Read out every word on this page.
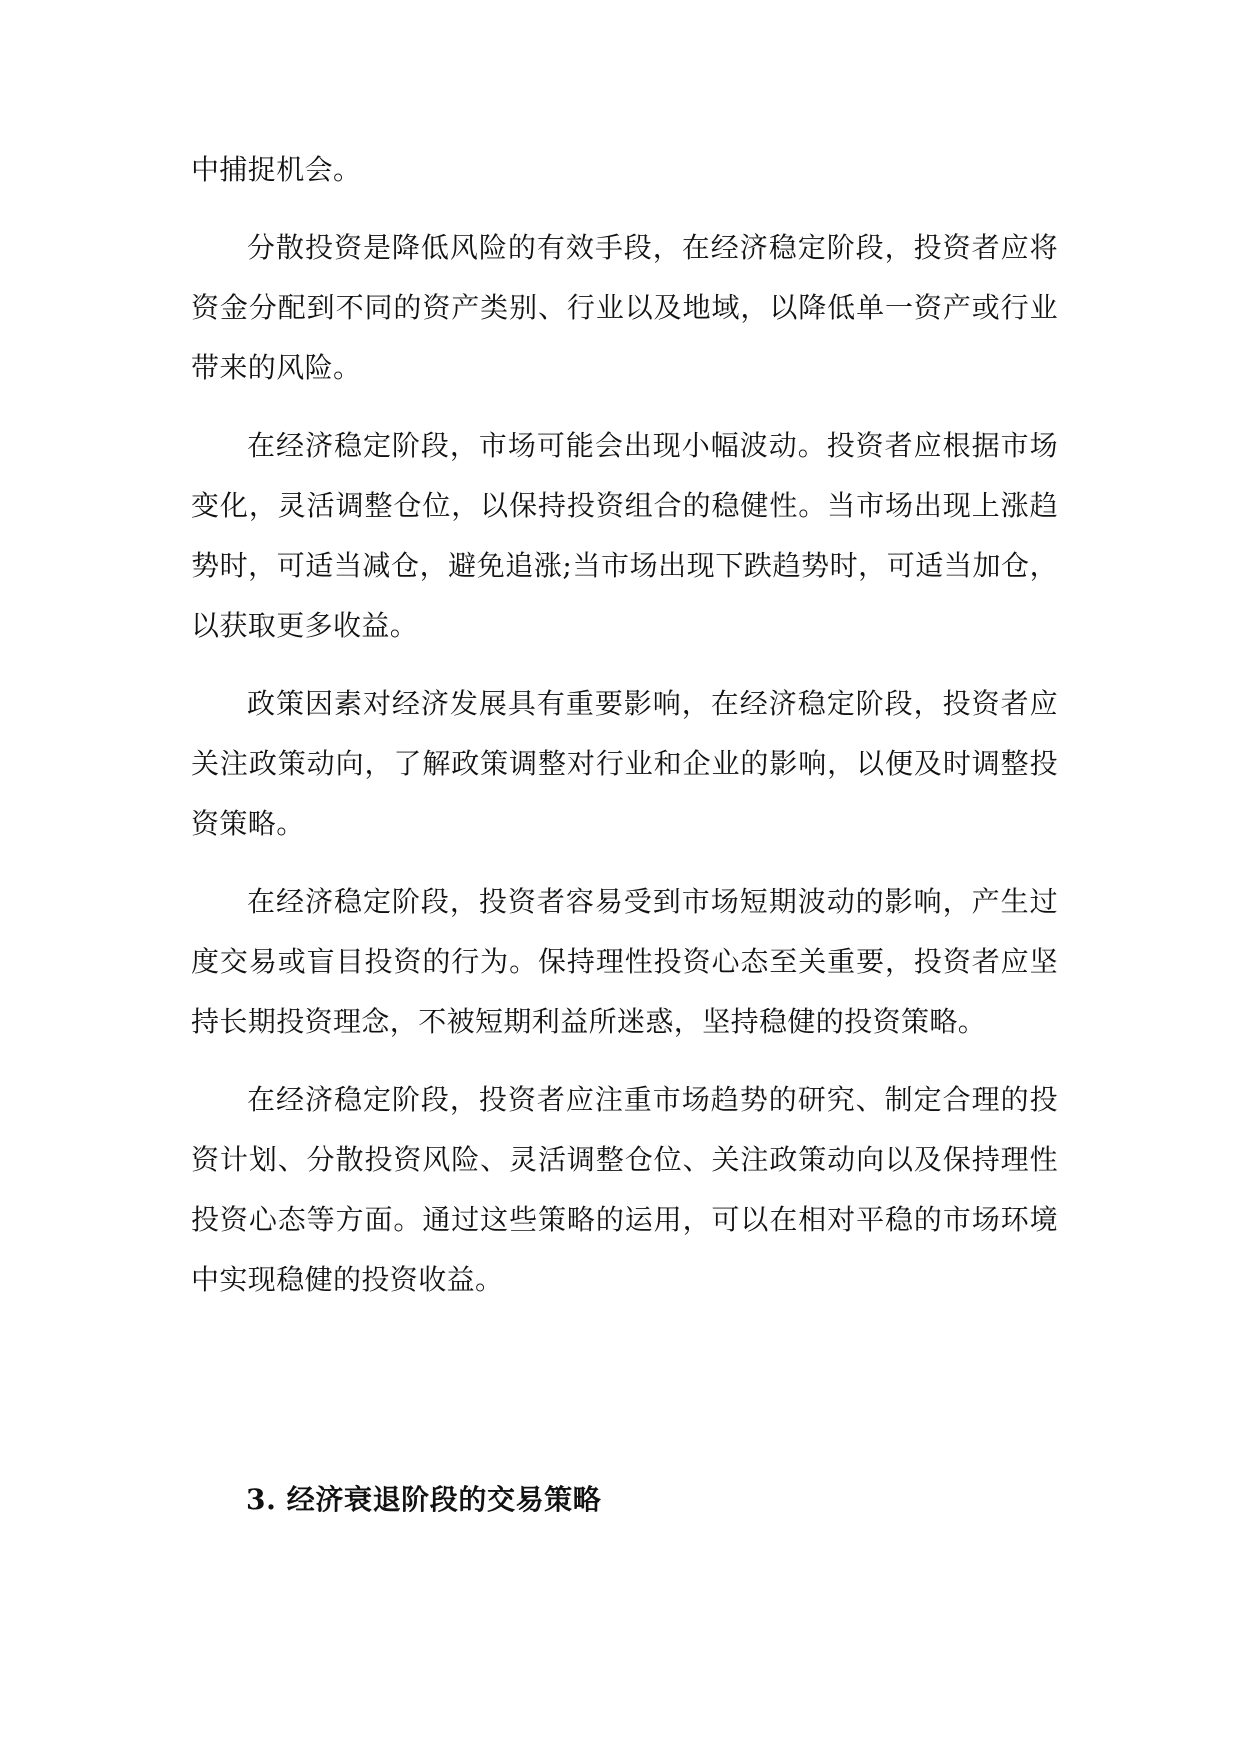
中捕捉机会。

分散投资是降低风险的有效手段，在经济稳定阶段，投资者应将资金分配到不同的资产类别、行业以及地域，以降低单一资产或行业带来的风险。

在经济稳定阶段，市场可能会出现小幅波动。投资者应根据市场变化，灵活调整仓位，以保持投资组合的稳健性。当市场出现上涨趋势时，可适当减仓，避免追涨;当市场出现下跌趋势时，可适当加仓，以获取更多收益。

政策因素对经济发展具有重要影响，在经济稳定阶段，投资者应关注政策动向，了解政策调整对行业和企业的影响，以便及时调整投资策略。

在经济稳定阶段，投资者容易受到市场短期波动的影响，产生过度交易或盲目投资的行为。保持理性投资心态至关重要，投资者应坚持长期投资理念，不被短期利益所迷惑，坚持稳健的投资策略。

在经济稳定阶段，投资者应注重市场趋势的研究、制定合理的投资计划、分散投资风险、灵活调整仓位、关注政策动向以及保持理性投资心态等方面。通过这些策略的运用，可以在相对平稳的市场环境中实现稳健的投资收益。

3. 经济衰退阶段的交易策略
